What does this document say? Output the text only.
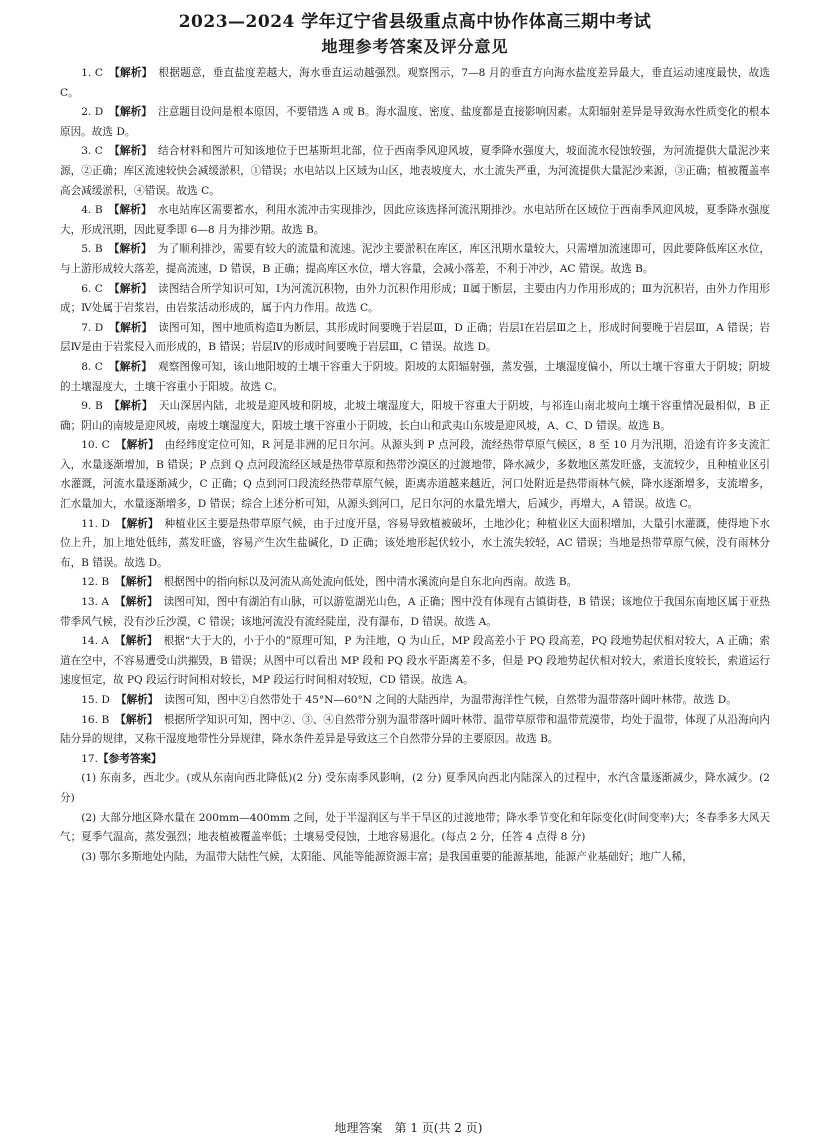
2023—2024 学年辽宁省县级重点高中协作体高三期中考试
地理参考答案及评分意见

1. C 【解析】 根据题意，垂直盐度差越大，海水垂直运动越强烈。观察图示，7—8 月的垂直方向海水盐度差异最大，垂直运动速度最快，故选 C。

2. D 【解析】 注意题目设问是根本原因，不要错选 A 或 B。海水温度、密度、盐度都是直接影响因素。太阳辐射差异是导致海水性质变化的根本原因。故选 D。

3. C 【解析】 结合材料和图片可知该地位于巴基斯坦北部，位于西南季风迎风坡，夏季降水强度大，坡面流水侵蚀较强，为河流提供大量泥沙来源，②正确；库区流速较快会减缓淤积，①错误；水电站以上区域为山区，地表坡度大，水土流失严重，为河流提供大量泥沙来源，③正确；植被覆盖率高会减缓淤积，④错误。故选 C。

4. B 【解析】 水电站库区需要蓄水，利用水流冲击实现排沙，因此应该选择河流汛期排沙。水电站所在区域位于西南季风迎风坡，夏季降水强度大，形成汛期，因此夏季即 6—8 月为排沙期。故选 B。

5. B 【解析】 为了顺利排沙，需要有较大的流量和流速。泥沙主要淤积在库区，库区汛期水量较大，只需增加流速即可，因此要降低库区水位，与上游形成较大落差，提高流速，D 错误，B 正确；提高库区水位，增大容量，会减小落差，不利于冲沙，AC 错误。故选 B。

6. C 【解析】 读图结合所学知识可知，Ⅰ为河流沉积物，由外力沉积作用形成；Ⅱ属于断层，主要由内力作用形成的；Ⅲ为沉积岩，由外力作用形成；Ⅳ处属于岩浆岩，由岩浆活动形成的，属于内力作用。故选 C。

7. D 【解析】 读图可知，图中地质构造Ⅱ为断层，其形成时间要晚于岩层Ⅲ，D 正确；岩层Ⅰ在岩层Ⅲ之上，形成时间要晚于岩层Ⅲ，A 错误；岩层Ⅳ是由于岩浆侵入而形成的，B 错误；岩层Ⅳ的形成时间要晚于岩层Ⅲ，C 错误。故选 D。

8. C 【解析】 观察图像可知，该山地阳坡的土壤干容重大于阴坡。阳坡的太阳辐射强，蒸发强，土壤湿度偏小，所以土壤干容重大于阴坡；阴坡的土壤湿度大，土壤干容重小于阳坡。故选 C。

9. B 【解析】 天山深居内陆，北坡是迎风坡和阴坡，北坡土壤湿度大，阳坡干容重大于阴坡，与祁连山南北坡向土壤干容重情况最相似，B 正确；阴山的南坡是迎风坡，南坡土壤湿度大，阳坡土壤干容重小于阴坡，长白山和武夷山东坡是迎风坡，A、C、D 错误。故选 B。

10. C 【解析】 由经纬度定位可知，R 河是非洲的尼日尔河。从源头到 P 点河段，流经热带草原气候区，8 至 10 月为汛期，沿途有许多支流汇入，水量逐渐增加，B 错误；P 点到 Q 点河段流经区域是热带草原和热带沙漠区的过渡地带，降水减少，多数地区蒸发旺盛，支流较少，且种植业区引水灌溉，河流水量逐渐减少，C 正确；Q 点到河口段流经热带草原气候，距离赤道越来越近，河口处附近是热带雨林气候，降水逐渐增多，支流增多，汇水量加大，水量逐渐增多，D 错误；综合上述分析可知，从源头到河口，尼日尔河的水量先增大，后减少，再增大，A 错误。故选 C。

11. D 【解析】 种植业区主要是热带草原气候，由于过度开垦，容易导致植被破坏，土地沙化；种植业区大面积增加，大量引水灌溉，使得地下水位上升，加上地处低纬，蒸发旺盛，容易产生次生盐碱化，D 正确；该处地形起伏较小，水土流失较轻，AC 错误；当地是热带草原气候，没有雨林分布，B 错误。故选 D。

12. B 【解析】 根据图中的指向标以及河流从高处流向低处，图中清水溪流向是自东北向西南。故选 B。

13. A 【解析】 读图可知，图中有湖泊有山脉，可以游览湖光山色，A 正确；图中没有体现有古镇街巷，B 错误；该地位于我国东南地区属于亚热带季风气候，没有沙丘沙漠，C 错误；该地河流没有流经陡崖，没有瀑布，D 错误。故选 A。

14. A 【解析】 根据“大于大的，小于小的”原理可知，P 为洼地，Q 为山丘，MP 段高差小于 PQ 段高差，PQ 段地势起伏相对较大，A 正确；索道在空中，不容易遭受山洪摧毁，B 错误；从图中可以看出 MP 段和 PQ 段水平距离差不多，但是 PQ 段地势起伏相对较大，索道长度较长，索道运行速度恒定，故 PQ 段运行时间相对较长，MP 段运行时间相对较短，CD 错误。故选 A。

15. D 【解析】 读图可知，图中②自然带处于 45°N—60°N 之间的大陆西岸，为温带海洋性气候，自然带为温带落叶阔叶林带。故选 D。

16. B 【解析】 根据所学知识可知，图中②、③、④自然带分别为温带落叶阔叶林带、温带草原带和温带荒漠带，均处于温带，体现了从沿海向内陆分异的规律，又称干湿度地带性分异规律，降水条件差异是导致这三个自然带分异的主要原因。故选 B。

17.【参考答案】

(1) 东南多，西北少。(或从东南向西北降低)(2 分) 受东南季风影响，(2 分) 夏季风向西北内陆深入的过程中，水汽含量逐渐减少，降水减少。(2 分)

(2) 大部分地区降水量在 200mm—400mm 之间，处于半湿润区与半干旱区的过渡地带；降水季节变化和年际变化(时间变率)大；冬春季多大风天气；夏季气温高，蒸发强烈；地表植被覆盖率低；土壤易受侵蚀，土地容易退化。(每点 2 分，任答 4 点得 8 分)

(3) 鄂尔多斯地处内陆，为温带大陆性气候，太阳能、风能等能源资源丰富；是我国重要的能源基地，能源产业基础好；地广人稀，

地理答案　第 1 页(共 2 页)
